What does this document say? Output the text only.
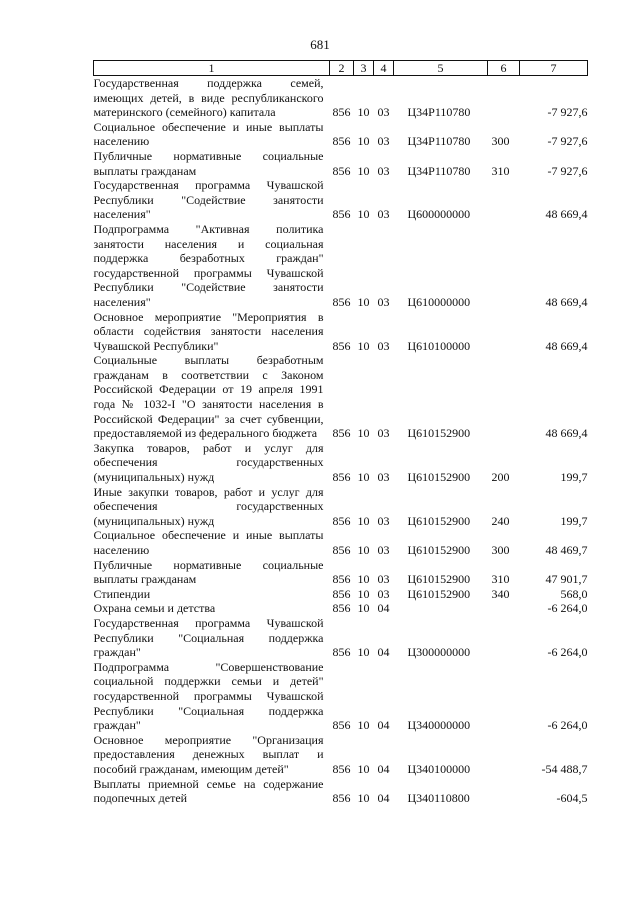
681
1	2	3	4	5	6	7
Государственная поддержка семей, имеющих детей, в виде республиканского материнского (семейного) капитала	856	10	03	Ц34Р110780		-7 927,6
Социальное обеспечение и иные выплаты населению	856	10	03	Ц34Р110780	300	-7 927,6
Публичные нормативные социальные выплаты гражданам	856	10	03	Ц34Р110780	310	-7 927,6
Государственная программа Чувашской Республики "Содействие занятости населения"	856	10	03	Ц600000000		48 669,4
Подпрограмма "Активная политика занятости населения и социальная поддержка безработных граждан" государственной программы Чувашской Республики "Содействие занятости населения"	856	10	03	Ц610000000		48 669,4
Основное мероприятие "Мероприятия в области содействия занятости населения Чувашской Республики"	856	10	03	Ц610100000		48 669,4
Социальные выплаты безработным гражданам в соответствии с Законом Российской Федерации от 19 апреля 1991 года № 1032-I "О занятости населения в Российской Федерации" за счет субвенции, предоставляемой из федерального бюджета	856	10	03	Ц610152900		48 669,4
Закупка товаров, работ и услуг для обеспечения государственных (муниципальных) нужд	856	10	03	Ц610152900	200	199,7
Иные закупки товаров, работ и услуг для обеспечения государственных (муниципальных) нужд	856	10	03	Ц610152900	240	199,7
Социальное обеспечение и иные выплаты населению	856	10	03	Ц610152900	300	48 469,7
Публичные нормативные социальные выплаты гражданам	856	10	03	Ц610152900	310	47 901,7
Стипендии	856	10	03	Ц610152900	340	568,0
Охрана семьи и детства	856	10	04			-6 264,0
Государственная программа Чувашской Республики "Социальная поддержка граждан"	856	10	04	Ц300000000		-6 264,0
Подпрограмма "Совершенствование социальной поддержки семьи и детей" государственной программы Чувашской Республики "Социальная поддержка граждан"	856	10	04	Ц340000000		-6 264,0
Основное мероприятие "Организация предоставления денежных выплат и пособий гражданам, имеющим детей"	856	10	04	Ц340100000		-54 488,7
Выплаты приемной семье на содержание подопечных детей	856	10	04	Ц340110800		-604,5
